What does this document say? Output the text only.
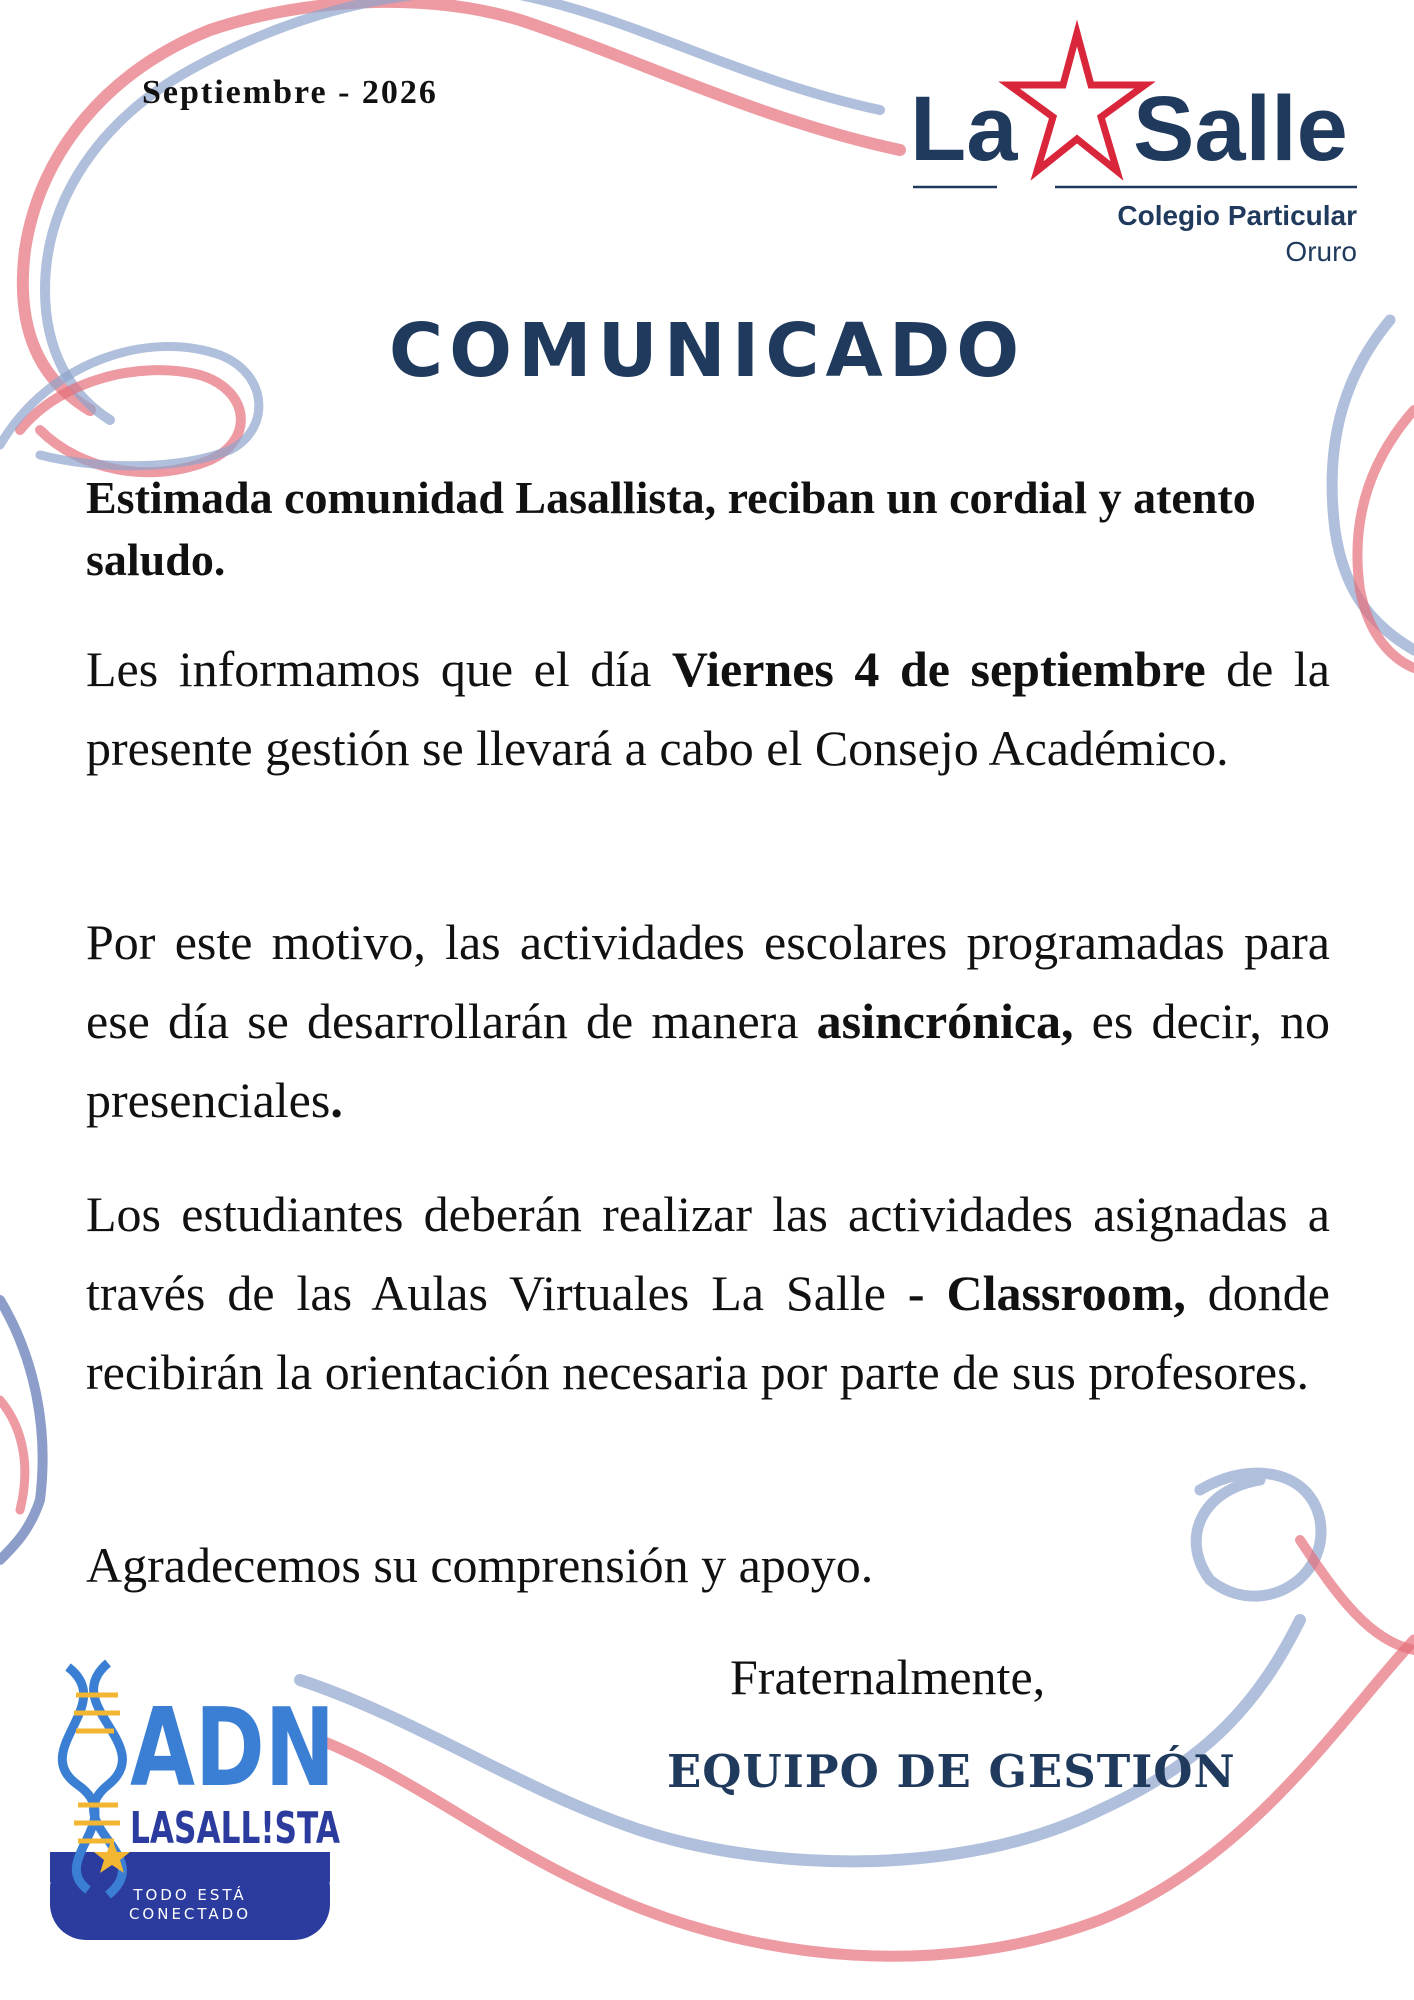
Septiembre - 2026	La Salle
Colegio Particular
Oruro
COMUNICADO
Estimada comunidad Lasallista, reciban un cordial y atento saludo.
Les informamos que el día Viernes 4 de septiembre de la presente gestión se llevará a cabo el Consejo Académico.
Por este motivo, las actividades escolares programadas para ese día se desarrollarán de manera asincrónica, es decir, no presenciales.
Los estudiantes deberán realizar las actividades asignadas a través de las Aulas Virtuales La Salle - Classroom, donde recibirán la orientación necesaria por parte de sus profesores.
Agradecemos su comprensión y apoyo.
Fraternalmente,
EQUIPO DE GESTIÓN
ADN
LASALL!STA
TODO ESTÁ
CONECTADO
